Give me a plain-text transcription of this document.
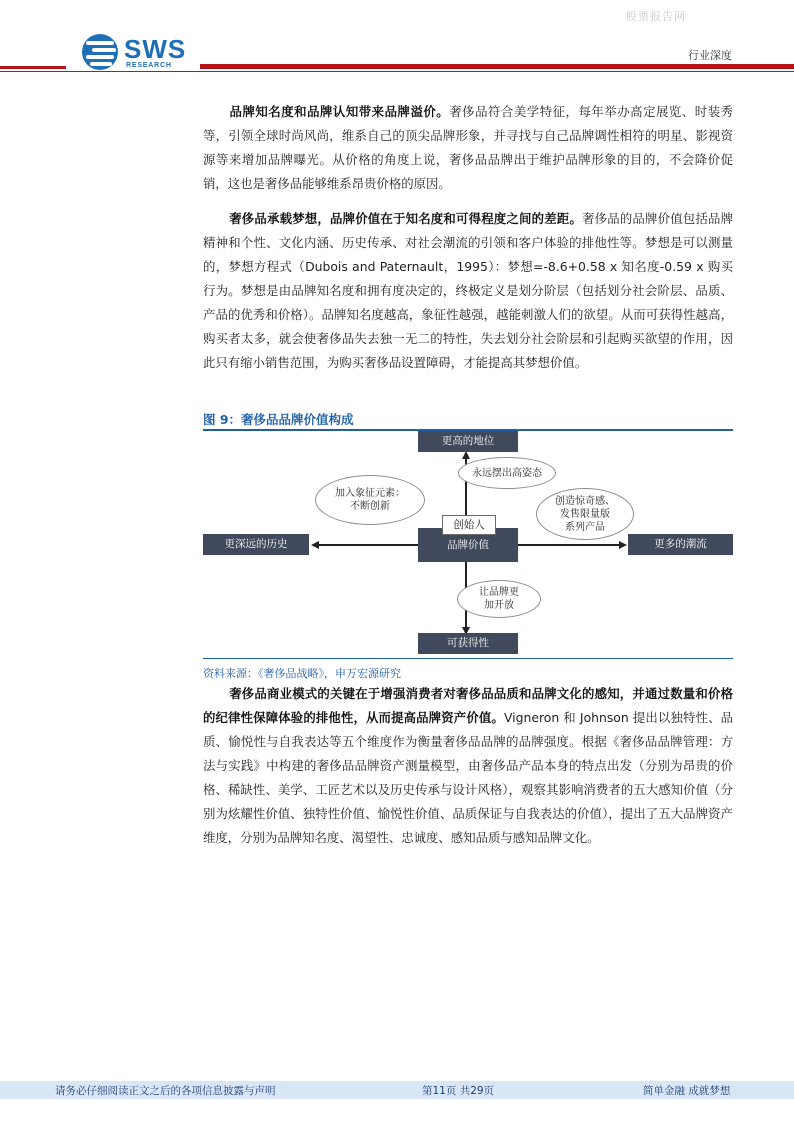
股票报告网
SWS
RESEARCH
行业深度
品牌知名度和品牌认知带来品牌溢价。奢侈品符合美学特征，每年举办高定展览、时装秀等，引领全球时尚风尚，维系自己的顶尖品牌形象，并寻找与自己品牌调性相符的明星、影视资源等来增加品牌曝光。从价格的角度上说，奢侈品品牌出于维护品牌形象的目的，不会降价促销，这也是奢侈品能够维系昂贵价格的原因。
奢侈品承载梦想，品牌价值在于知名度和可得程度之间的差距。奢侈品的品牌价值包括品牌精神和个性、文化内涵、历史传承、对社会潮流的引领和客户体验的排他性等。梦想是可以测量的，梦想方程式（Dubois and Paternault，1995）：梦想=-8.6+0.58 x 知名度-0.59 x 购买行为。梦想是由品牌知名度和拥有度决定的，终极定义是划分阶层（包括划分社会阶层、品质、产品的优秀和价格）。品牌知名度越高，象征性越强，越能刺激人们的欲望。从而可获得性越高，购买者太多，就会使奢侈品失去独一无二的特性，失去划分社会阶层和引起购买欲望的作用，因此只有缩小销售范围，为购买奢侈品设置障碍，才能提高其梦想价值。
图 9：奢侈品品牌价值构成
更高的地位
可获得性
更深远的历史	更多的潮流
品牌价值
创始人
永远摆出高姿态
加入象征元素：
不断创新	创造惊奇感、
发售限量版
系列产品
让品牌更
加开放
资料来源：《奢侈品战略》，申万宏源研究
奢侈品商业模式的关键在于增强消费者对奢侈品品质和品牌文化的感知，并通过数量和价格的纪律性保障体验的排他性，从而提高品牌资产价值。Vigneron 和 Johnson 提出以独特性、品质、愉悦性与自我表达等五个维度作为衡量奢侈品品牌的品牌强度。根据《奢侈品品牌管理：方法与实践》中构建的奢侈品品牌资产测量模型，由奢侈品产品本身的特点出发（分别为昂贵的价格、稀缺性、美学、工匠艺术以及历史传承与设计风格），观察其影响消费者的五大感知价值（分别为炫耀性价值、独特性价值、愉悦性价值、品质保证与自我表达的价值），提出了五大品牌资产维度，分别为品牌知名度、渴望性、忠诚度、感知品质与感知品牌文化。
请务必仔细阅读正文之后的各项信息披露与声明	第11页 共29页	简单金融 成就梦想
